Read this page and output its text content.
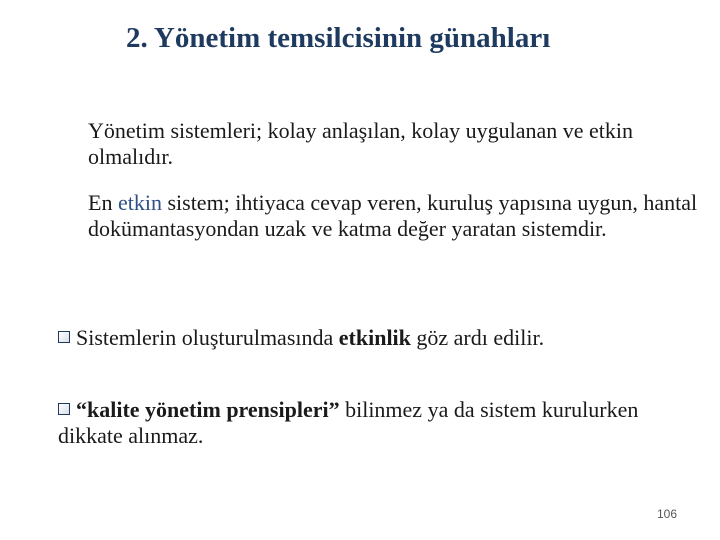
2. Yönetim temsilcisinin günahları

Yönetim sistemleri; kolay anlaşılan, kolay uygulanan ve etkin olmalıdır.

En etkin sistem; ihtiyaca cevap veren, kuruluş yapısına uygun, hantal dokümantasyondan uzak ve katma değer yaratan sistemdir.

Sistemlerin oluşturulmasında etkinlik göz ardı edilir.

“kalite yönetim prensipleri” bilinmez ya da sistem kurulurken dikkate alınmaz.

106
